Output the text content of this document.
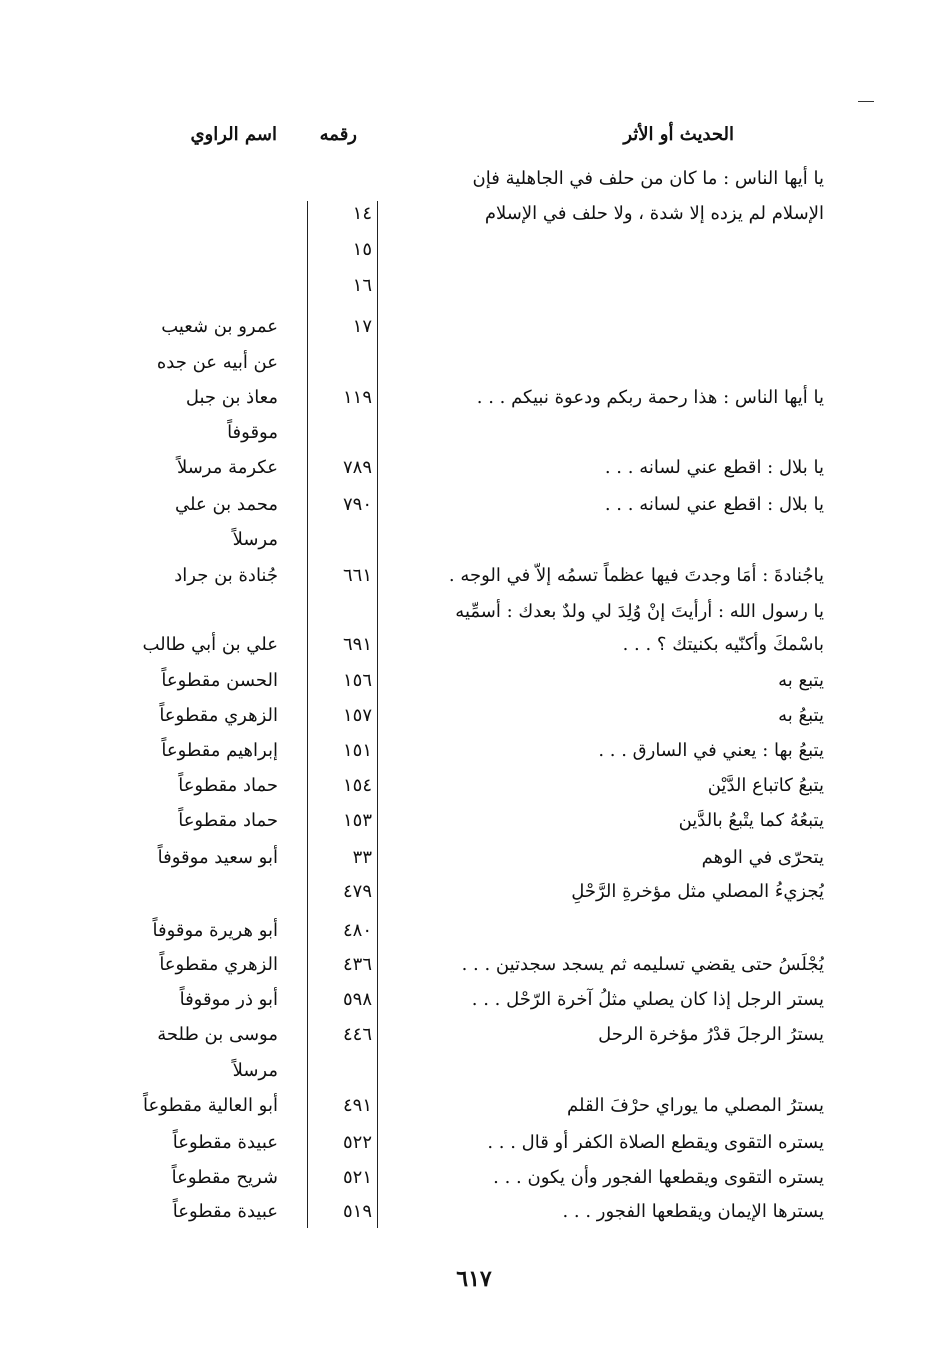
الحديث أو الأثر
رقمه
اسم الراوي
يا أيها الناس : ما كان من حلف في الجاهلية فإن
الإسلام لم يزده إلا شدة ، ولا حلف في الإسلام
١٤
١٥
١٦
١٧
عمرو بن شعيب
عن أبيه عن جده
يا أيها الناس : هذا رحمة ربكم ودعوة نبيكم . . .
١١٩
معاذ بن جبل
موقوفاً
يا بلال : اقطع عني لسانه . . .
٧٨٩
عكرمة مرسلاً
يا بلال : اقطع عني لسانه . . .
٧٩٠
محمد بن علي
مرسلاً
ياجُنادةَ : أمَا وجدتَ فيها عظماً تسمُه إلاّ في الوجه .
٦٦١
جُنادة بن جراد
يا رسول الله : أرأيتَ إنْ وُلِدَ لي ولدٌ بعدك : أسمِّيه
باسْمكَ وأكنّيه بكنيتك ؟ . . .
٦٩١
علي بن أبي طالب
يتبع به
١٥٦
الحسن مقطوعاً
يتبعُ به
١٥٧
الزهري مقطوعاً
يتبعُ بها : يعني في السارق . . .
١٥١
إبراهيم مقطوعاً
يتبعُ كاتباع الدَّيْن
١٥٤
حماد مقطوعاً
يتبعُهُ كما يتْبعُ بالدَّين
١٥٣
حماد مقطوعاً
يتحرّى في الوهم
٣٣
أبو سعيد موقوفاً
يُجزيءُ المصلي مثل مؤخرةِ الرَّحْلِ
٤٧٩
٤٨٠
أبو هريرة موقوفاً
يُجْلَسُ حتى يقضي تسليمه ثم يسجد سجدتين . . .
٤٣٦
الزهري مقطوعاً
يستر الرجل إذا كان يصلي مثلُ آخرة الرّحْل . . .
٥٩٨
أبو ذر موقوفاً
يسترُ الرجلَ قدْرُ مؤخرة الرحل
٤٤٦
موسى بن طلحة
مرسلاً
يسترُ المصلي ما يوراي حرْفَ القلم
٤٩١
أبو العالية مقطوعاً
يستره التقوى ويقطع الصلاة الكفر أو قال . . .
٥٢٢
عبيدة مقطوعاً
يستره التقوى ويقطعها الفجور وأن يكون . . .
٥٢١
شريح مقطوعاً
يسترها الإيمان ويقطعها الفجور . . .
٥١٩
عبيدة مقطوعاً
٦١٧
